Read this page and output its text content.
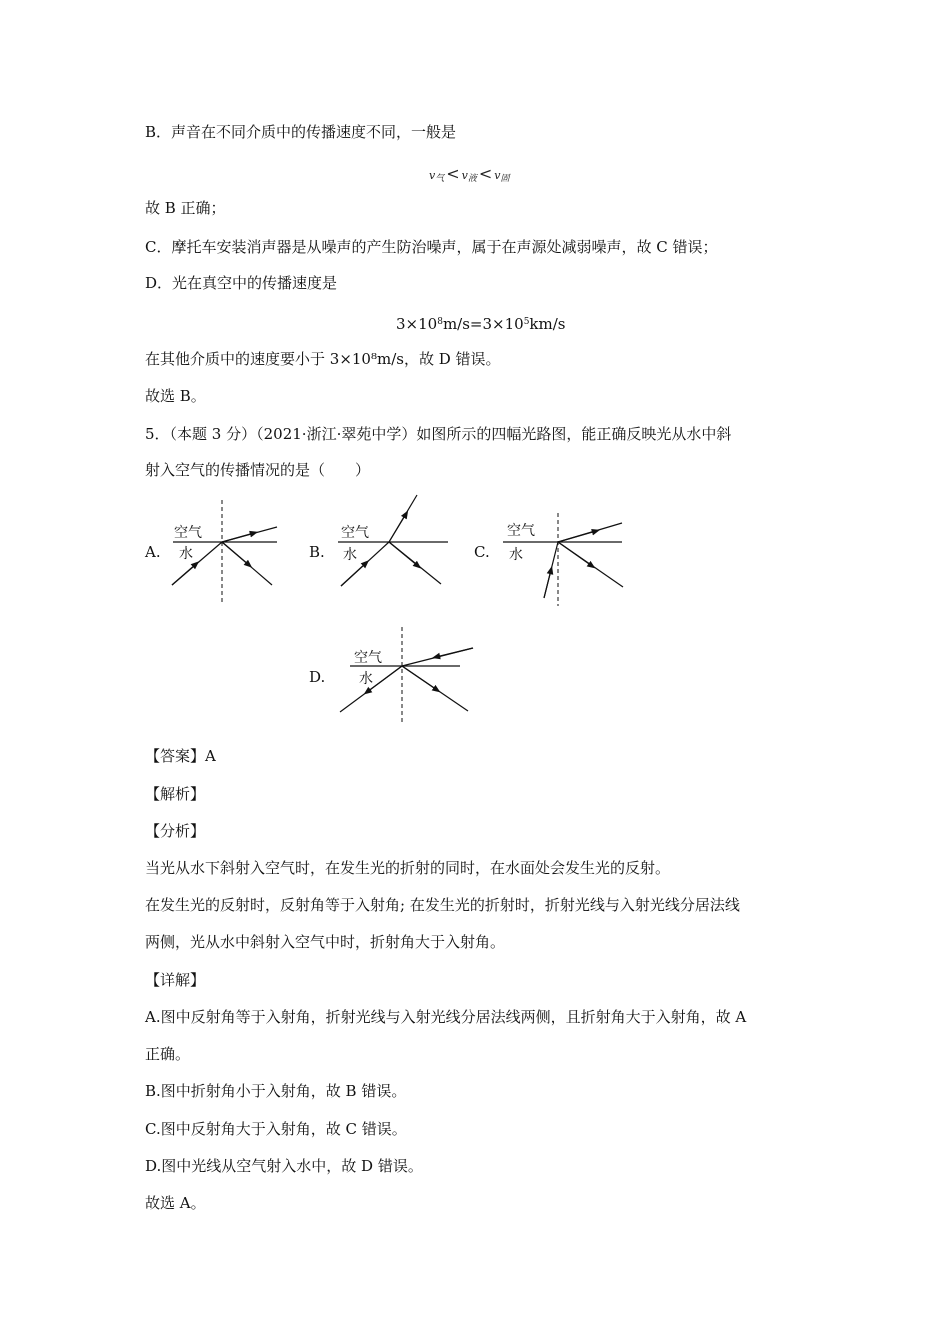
B．声音在不同介质中的传播速度不同，一般是
$v_气 < v_液 < v_固$
故 B 正确；
C．摩托车安装消声器是从噪声的产生防治噪声，属于在声源处减弱噪声，故 C 错误；
D．光在真空中的传播速度是
$3\times 10^8m/s=3\times 10^5km/s$
在其他介质中的速度要小于 3×10⁸m/s，故 D 错误。
故选 B。
5．（本题 3 分）（2021·浙江·翠苑中学）如图所示的四幅光路图，能正确反映光从水中斜
射入空气的传播情况的是（　　）
A.	B.	C.
D.
空气
水
空气
水
空气
水
空气
水
【答案】A
【解析】
【分析】
当光从水下斜射入空气时，在发生光的折射的同时，在水面处会发生光的反射。
在发生光的反射时，反射角等于入射角; 在发生光的折射时，折射光线与入射光线分居法线
两侧，光从水中斜射入空气中时，折射角大于入射角。
【详解】
A.图中反射角等于入射角，折射光线与入射光线分居法线两侧，且折射角大于入射角，故 A
正确。
B.图中折射角小于入射角，故 B 错误。
C.图中反射角大于入射角，故 C 错误。
D.图中光线从空气射入水中，故 D 错误。
故选 A。
